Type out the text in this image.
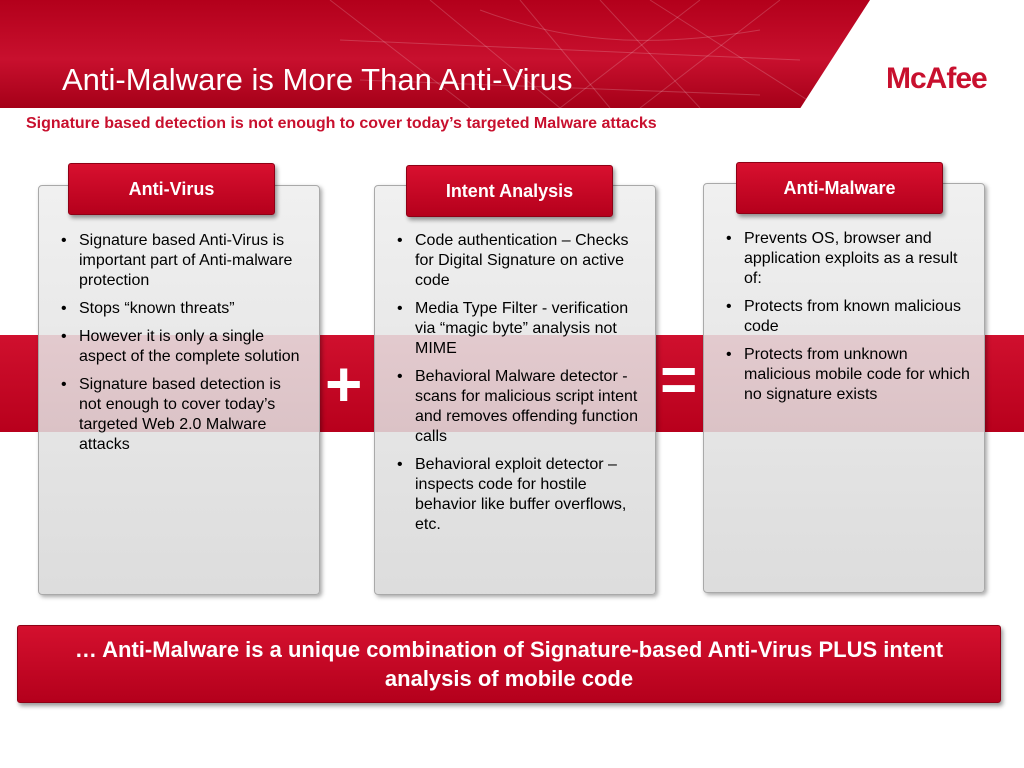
Anti-Malware is More Than Anti-Virus	McAfee
Signature based detection is not enough to cover today’s targeted Malware attacks
• Signature based Anti-Virus is important part of Anti-malware protection
• Stops “known threats”
• However it is only a single aspect of the complete solution
• Signature based detection is not enough to cover today’s targeted Web 2.0 Malware attacks
Anti-Virus
• Code authentication – Checks for Digital Signature on active code
• Media Type Filter - verification via “magic byte” analysis not MIME
• Behavioral Malware detector - scans for malicious script intent and removes offending function calls
• Behavioral exploit detector – inspects code for hostile behavior like buffer overflows, etc.
Intent Analysis
• Prevents OS, browser and application exploits as a result of:
• Protects from known malicious code
• Protects from unknown malicious mobile code for which no signature exists
Anti-Malware
+	=
… Anti-Malware is a unique combination of Signature-based Anti-Virus PLUS intent analysis of mobile code
